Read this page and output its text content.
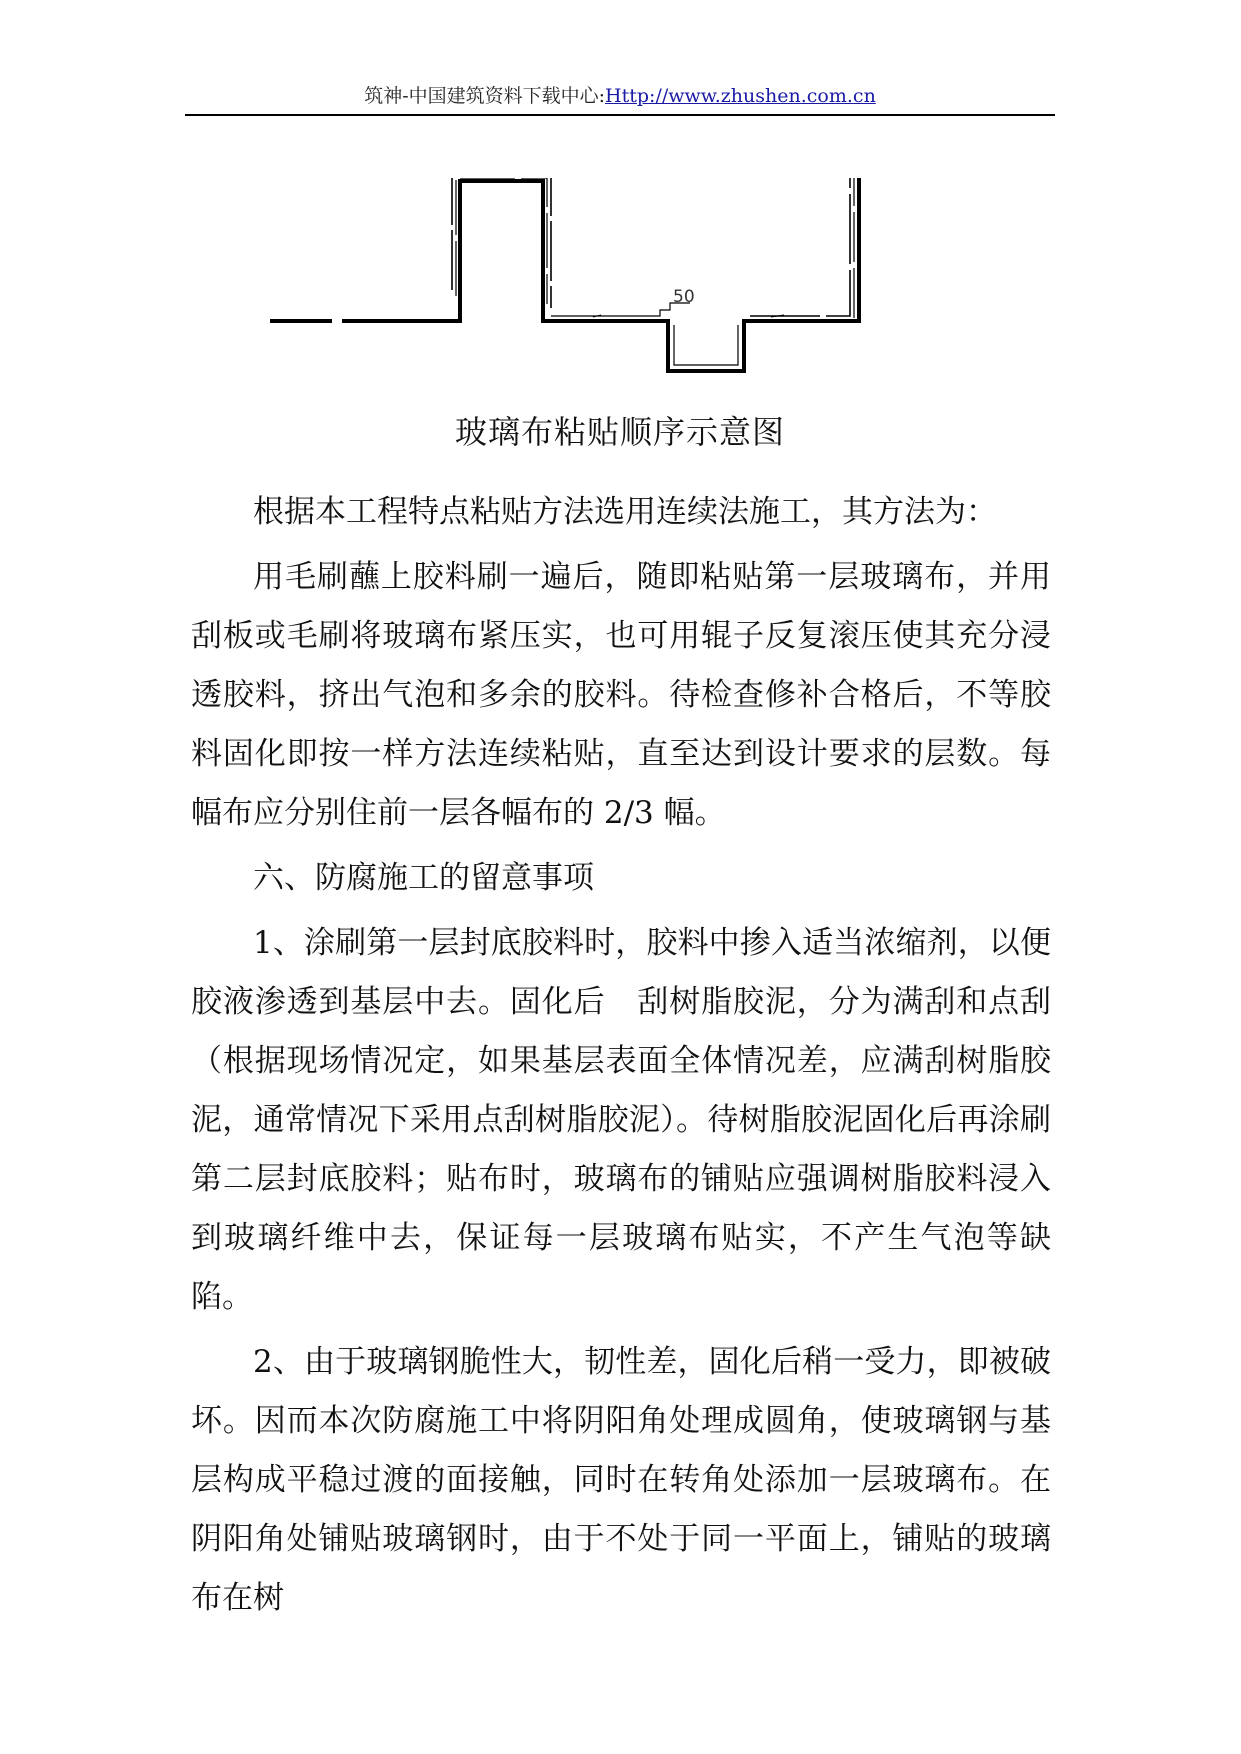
筑神-中国建筑资料下载中心:Http://www.zhushen.com.cn
50
玻璃布粘贴顺序示意图

根据本工程特点粘贴方法选用连续法施工，其方法为：

用毛刷蘸上胶料刷一遍后，随即粘贴第一层玻璃布，并用刮板或毛刷将玻璃布紧压实，也可用辊子反复滚压使其充分浸透胶料，挤出气泡和多余的胶料。待检查修补合格后，不等胶料固化即按一样方法连续粘贴，直至达到设计要求的层数。每幅布应分别住前一层各幅布的 2/3 幅。

六、防腐施工的留意事项

1、涂刷第一层封底胶料时，胶料中掺入适当浓缩剂，以便胶液渗透到基层中去。固化后　刮树脂胶泥，分为满刮和点刮（根据现场情况定，如果基层表面全体情况差，应满刮树脂胶泥，通常情况下采用点刮树脂胶泥）。待树脂胶泥固化后再涂刷第二层封底胶料；贴布时，玻璃布的铺贴应强调树脂胶料浸入到玻璃纤维中去，保证每一层玻璃布贴实，不产生气泡等缺陷。

2、由于玻璃钢脆性大，韧性差，固化后稍一受力，即被破坏。因而本次防腐施工中将阴阳角处理成圆角，使玻璃钢与基层构成平稳过渡的面接触，同时在转角处添加一层玻璃布。在阴阳角处铺贴玻璃钢时，由于不处于同一平面上，铺贴的玻璃布在树
